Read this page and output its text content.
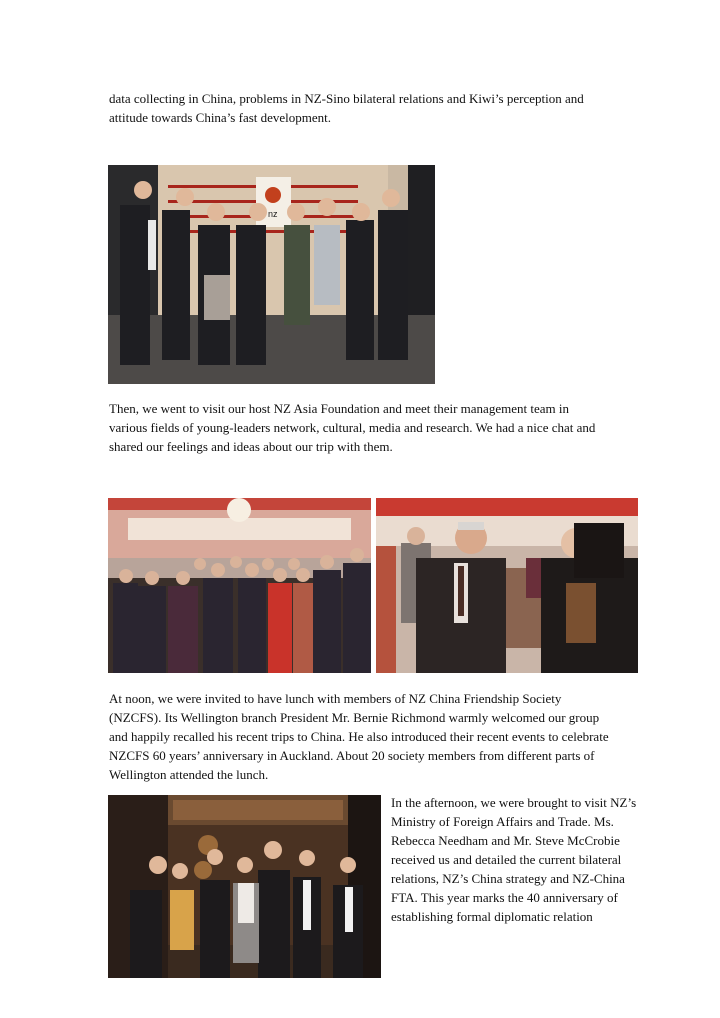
data collecting in China, problems in NZ-Sino bilateral relations and Kiwi’s perception and
attitude towards China’s fast development.

nz

Then, we went to visit our host NZ Asia Foundation and meet their management team in
various fields of young-leaders network, cultural, media and research. We had a nice chat and
shared our feelings and ideas about our trip with them.

At noon, we were invited to have lunch with members of NZ China Friendship Society
(NZCFS). Its Wellington branch President Mr. Bernie Richmond warmly welcomed our group
and happily recalled his recent trips to China. He also introduced their recent events to celebrate
NZCFS 60 years’ anniversary in Auckland. About 20 society members from different parts of
Wellington attended the lunch.

In the afternoon, we were brought to visit NZ’s
Ministry of Foreign Affairs and Trade. Ms.
Rebecca Needham and Mr. Steve McCrobie
received us and detailed the current bilateral
relations, NZ’s China strategy and NZ-China
FTA. This year marks the 40 anniversary of
establishing formal diplomatic relation
